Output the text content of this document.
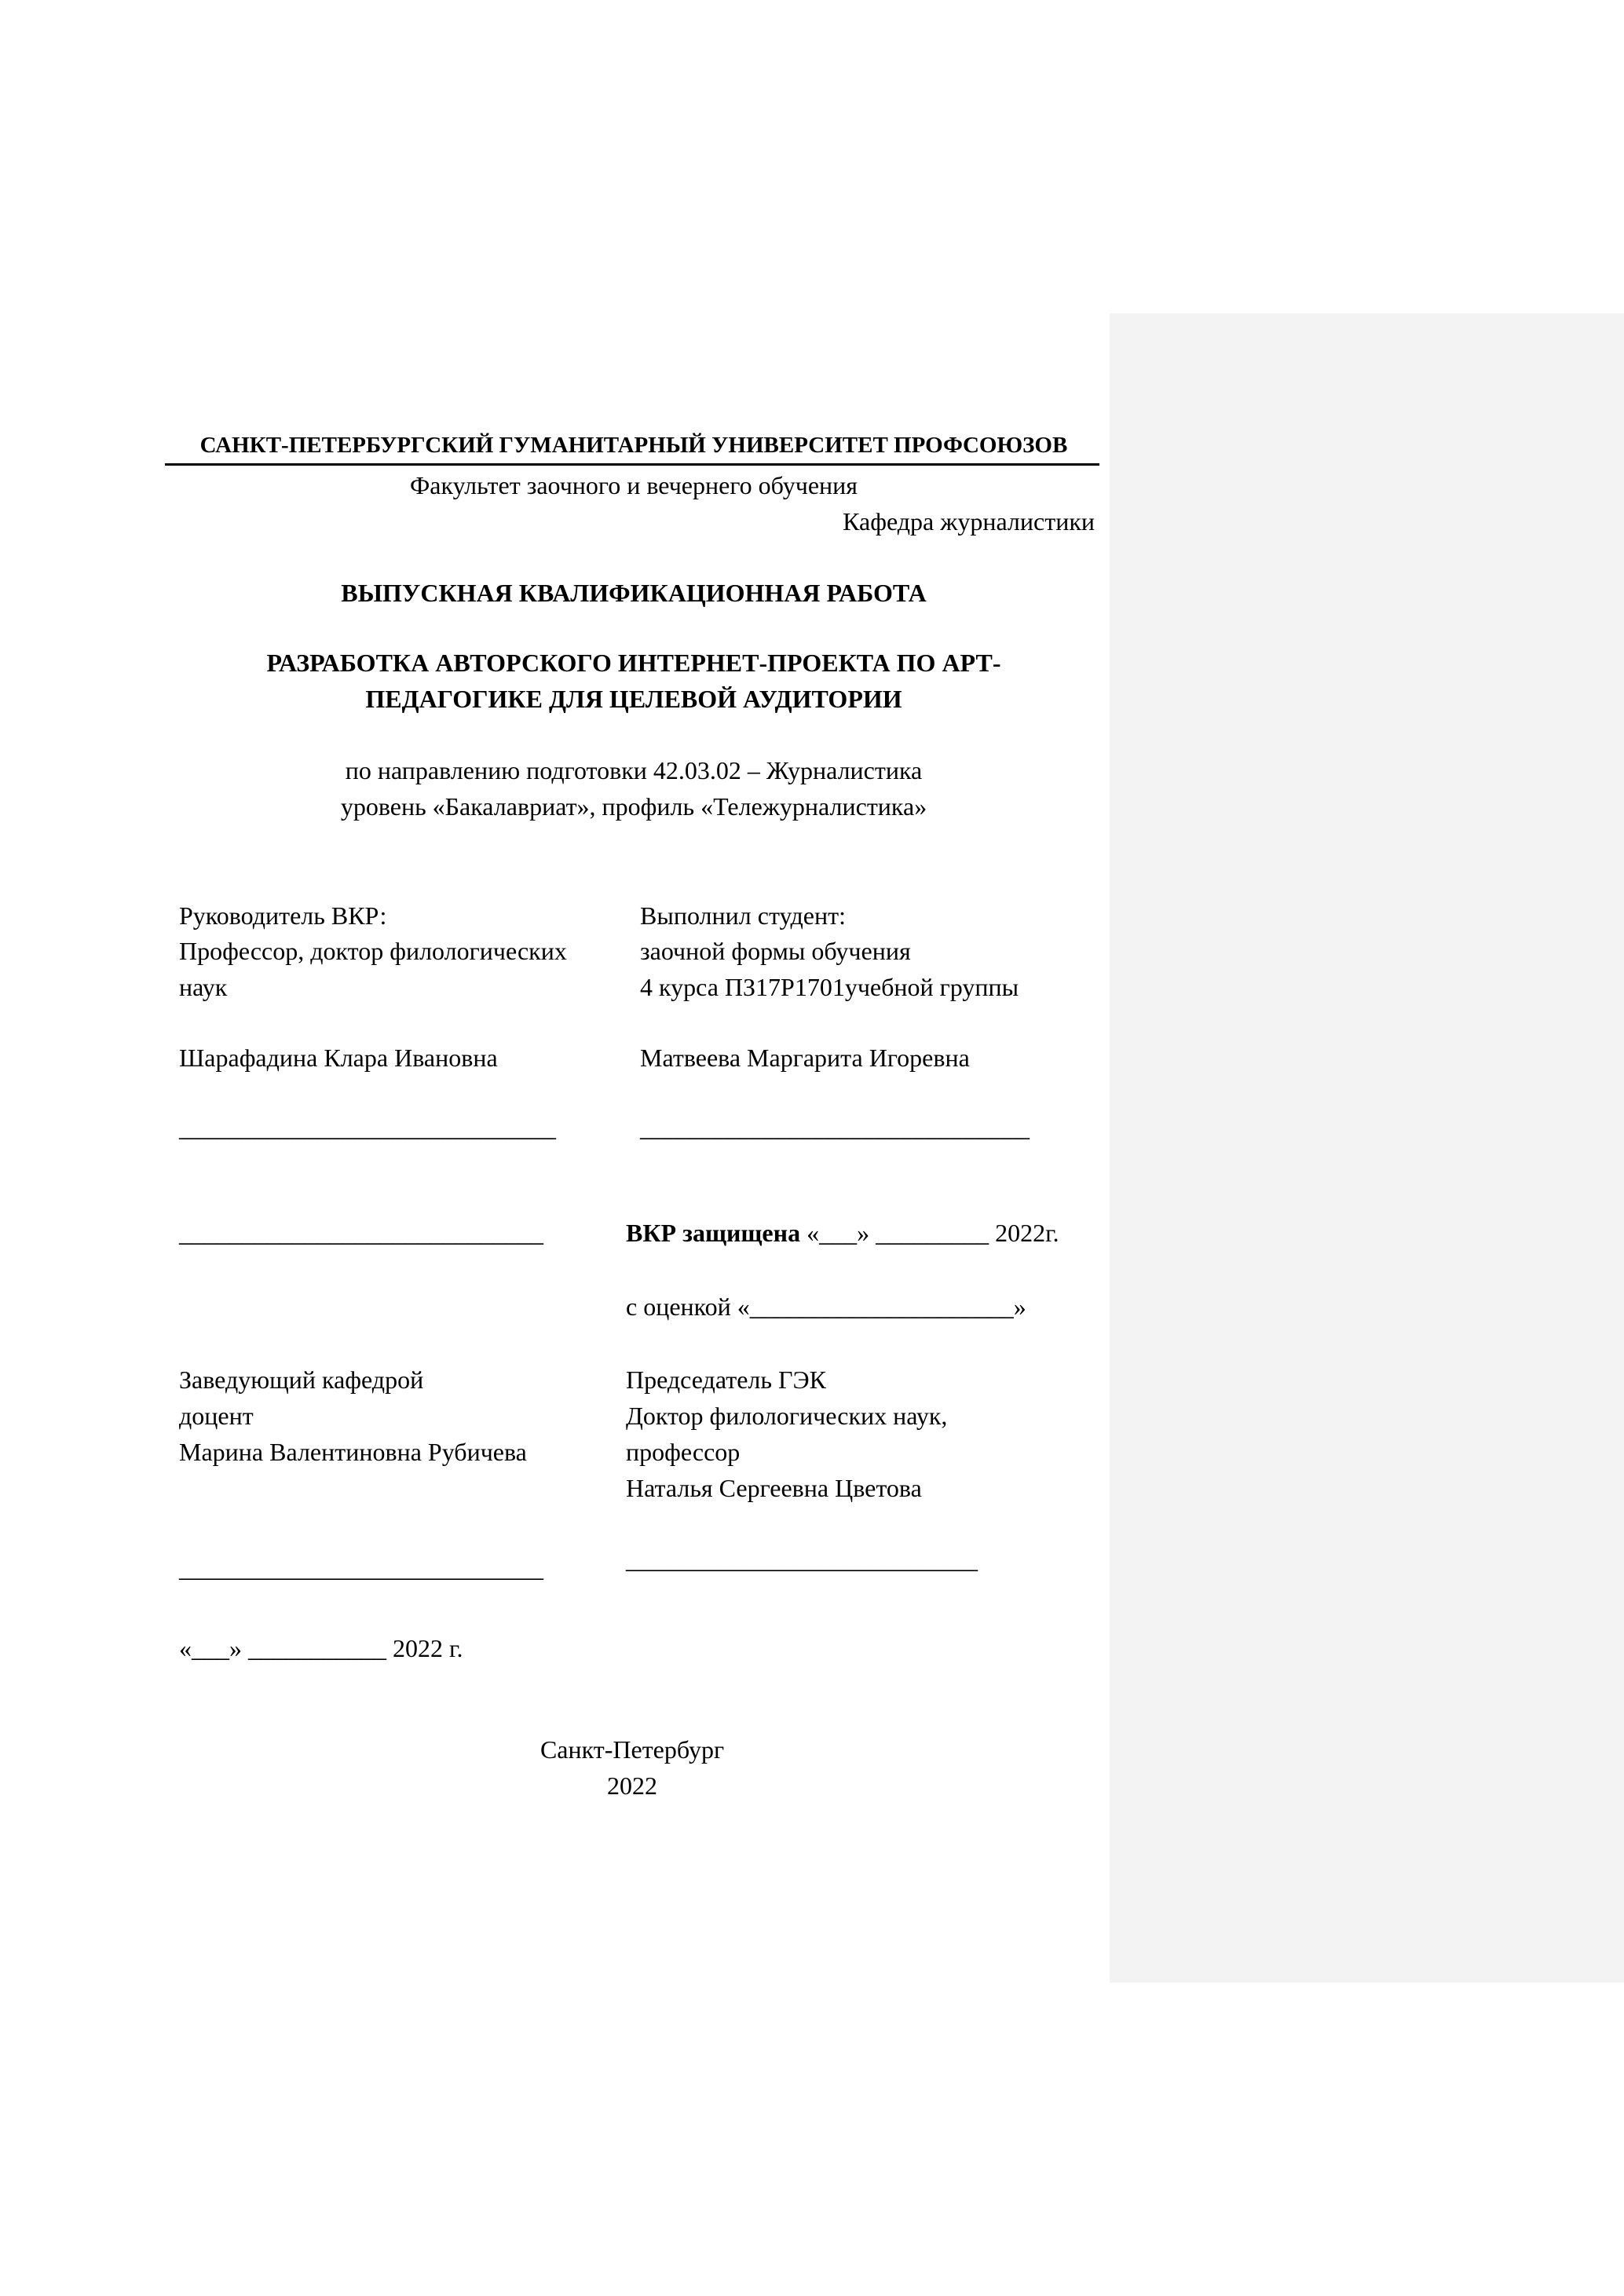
САНКТ-ПЕТЕРБУРГСКИЙ ГУМАНИТАРНЫЙ УНИВЕРСИТЕТ ПРОФСОЮЗОВ
Факультет заочного и вечернего обучения
Кафедра журналистики
ВЫПУСКНАЯ КВАЛИФИКАЦИОННАЯ РАБОТА
РАЗРАБОТКА АВТОРСКОГО ИНТЕРНЕТ-ПРОЕКТА ПО АРТ-
ПЕДАГОГИКЕ ДЛЯ ЦЕЛЕВОЙ АУДИТОРИИ
по направлению подготовки 42.03.02 – Журналистика
уровень «Бакалавриат», профиль «Тележурналистика»
Руководитель ВКР:
Профессор, доктор филологических
наук
Шарафадина Клара Ивановна
______________________________
Выполнил студент:
заочной формы обучения
4 курса ПЗ17Р1701учебной группы
Матвеева Маргарита Игоревна
_______________________________
_____________________________	ВКР защищена «___» _________ 2022г.
с оценкой «_____________________»
Заведующий кафедрой
доцент
Марина Валентиновна Рубичева
_____________________________
«___» ___________ 2022 г.
Председатель ГЭК
Доктор филологических наук,
профессор
Наталья Сергеевна Цветова
____________________________
Санкт-Петербург
2022
